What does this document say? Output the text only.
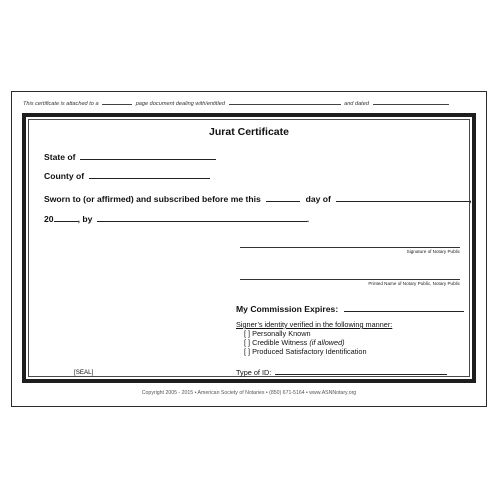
This certificate is attached to a	page document dealing with/entitled	and dated
Jurat Certificate
State of
County of
Sworn to (or affirmed) and subscribed before me this	day of	,
20	, by	.
Signature of Notary Public
Printed Name of Notary Public, Notary Public
My Commission Expires:
Signer’s identity verified in the following manner:
[ ] Personally Known
[ ] Credible Witness (if allowed)
[ ] Produced Satisfactory Identification
Type of ID:
[SEAL]
Copyright 2005 - 2015 • American Society of Notaries • (850) 671-5164 • www.ASNNotary.org
